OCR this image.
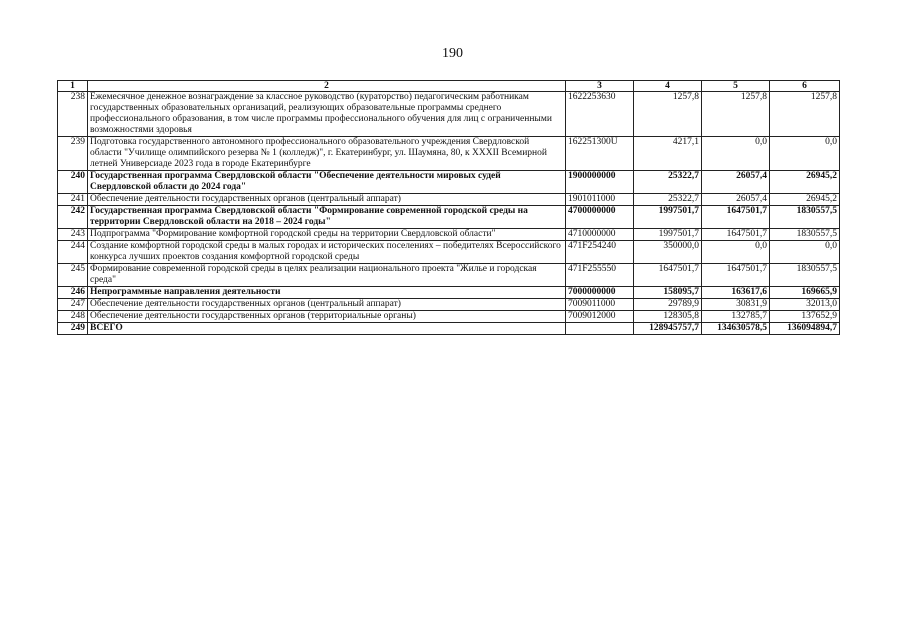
190
1	2	3	4	5	6
238	Ежемесячное денежное вознаграждение за классное руководство (кураторство) педагогическим работникам государственных образовательных организаций, реализующих образовательные программы среднего профессионального образования, в том числе программы профессионального обучения для лиц с ограниченными возможностями здоровья	1622253630	1257,8	1257,8	1257,8
239	Подготовка государственного автономного профессионального образовательного учреждения Свердловской области "Училище олимпийского резерва № 1 (колледж)", г. Екатеринбург, ул. Шаумяна, 80, к XXXII Всемирной летней Универсиаде 2023 года в городе Екатеринбурге	162251300U	4217,1	0,0	0,0
240	Государственная программа Свердловской области "Обеспечение деятельности мировых судей Свердловской области до 2024 года"	1900000000	25322,7	26057,4	26945,2
241	Обеспечение деятельности государственных органов (центральный аппарат)	1901011000	25322,7	26057,4	26945,2
242	Государственная программа Свердловской области "Формирование современной городской среды на территории Свердловской области на 2018 – 2024 годы"	4700000000	1997501,7	1647501,7	1830557,5
243	Подпрограмма "Формирование комфортной городской среды на территории Свердловской области"	4710000000	1997501,7	1647501,7	1830557,5
244	Создание комфортной городской среды в малых городах и исторических поселениях – победителях Всероссийского конкурса лучших проектов создания комфортной городской среды	471F254240	350000,0	0,0	0,0
245	Формирование современной городской среды в целях реализации национального проекта "Жилье и городская среда"	471F255550	1647501,7	1647501,7	1830557,5
246	Непрограммные направления деятельности	7000000000	158095,7	163617,6	169665,9
247	Обеспечение деятельности государственных органов (центральный аппарат)	7009011000	29789,9	30831,9	32013,0
248	Обеспечение деятельности государственных органов (территориальные органы)	7009012000	128305,8	132785,7	137652,9
249	ВСЕГО		128945757,7	134630578,5	136094894,7
